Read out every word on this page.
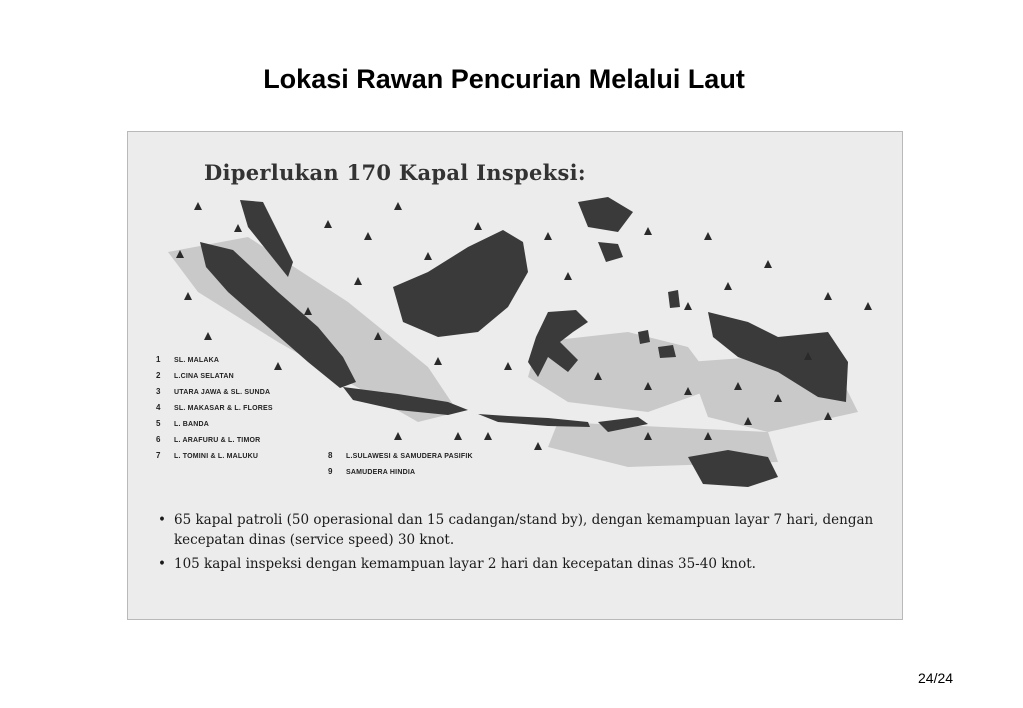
Lokasi Rawan Pencurian Melalui Laut
Diperlukan 170 Kapal Inspeksi:
1 SL. MALAKA
2 L.CINA SELATAN
3 UTARA JAWA & SL. SUNDA
4 SL. MAKASAR & L. FLORES
5 L. BANDA
6 L. ARAFURU & L. TIMOR
7 L. TOMINI & L. MALUKU	8 L.SULAWESI & SAMUDERA PASIFIK
9 SAMUDERA HINDIA
• 65 kapal patroli (50 operasional dan 15 cadangan/stand by), dengan kemampuan layar 7 hari, dengan kecepatan dinas (service speed) 30 knot.
• 105 kapal inspeksi dengan kemampuan layar 2 hari dan kecepatan dinas 35-40 knot.
24/24
